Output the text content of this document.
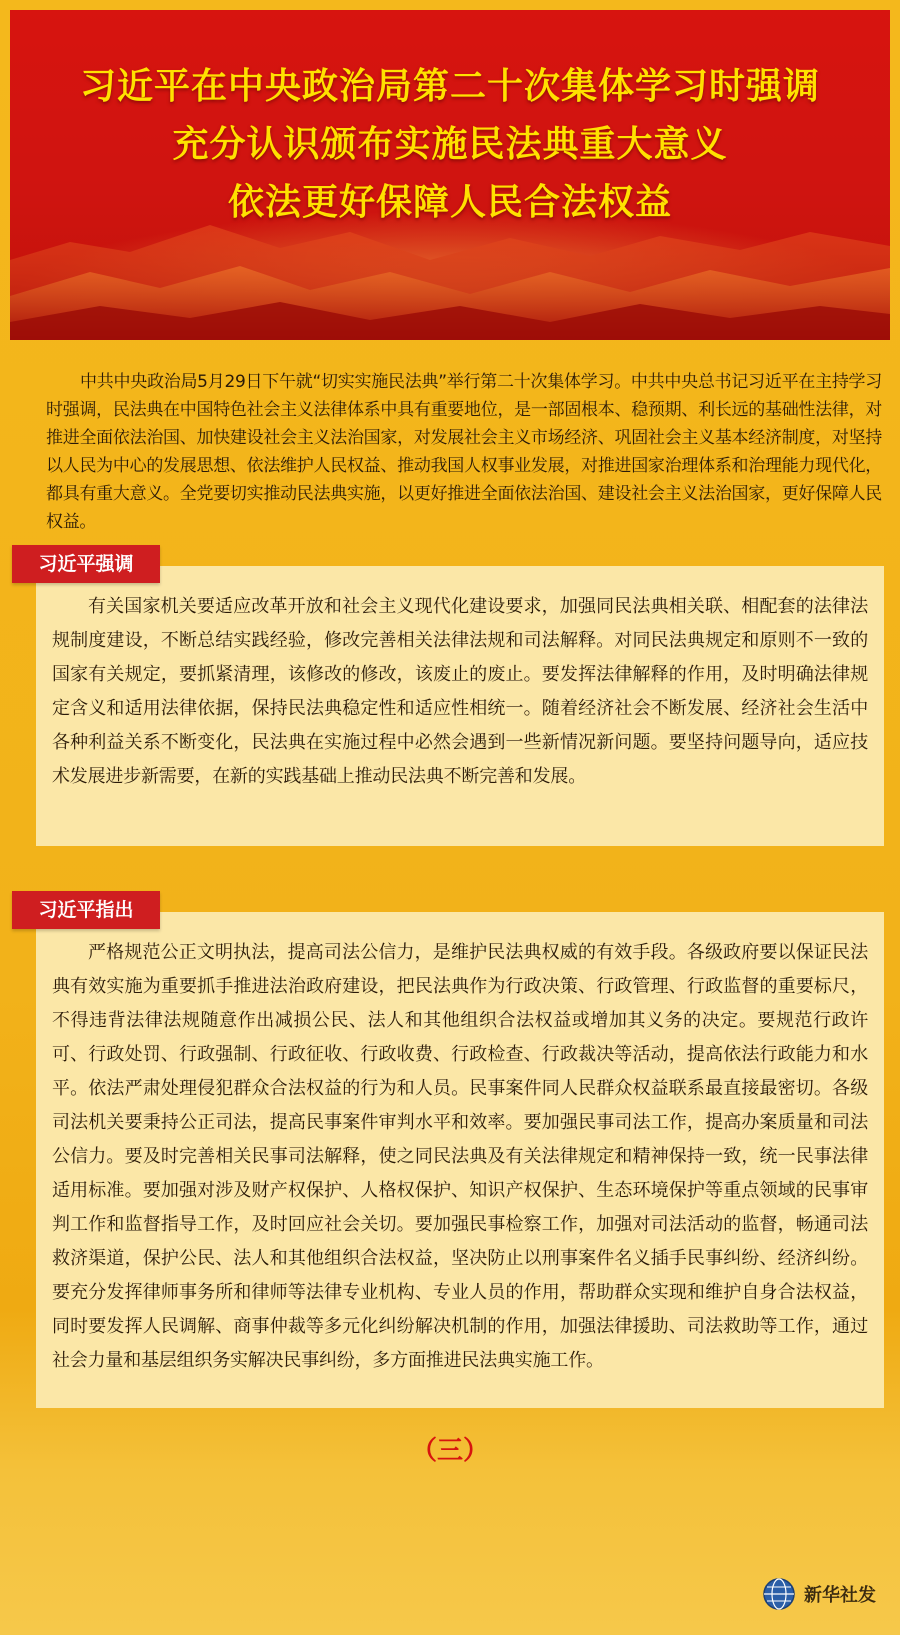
习近平在中央政治局第二十次集体学习时强调
充分认识颁布实施民法典重大意义
依法更好保障人民合法权益
中共中央政治局5月29日下午就“切实实施民法典”举行第二十次集体学习。中共中央总书记习近平在主持学习时强调，民法典在中国特色社会主义法律体系中具有重要地位，是一部固根本、稳预期、利长远的基础性法律，对推进全面依法治国、加快建设社会主义法治国家，对发展社会主义市场经济、巩固社会主义基本经济制度，对坚持以人民为中心的发展思想、依法维护人民权益、推动我国人权事业发展，对推进国家治理体系和治理能力现代化，都具有重大意义。全党要切实推动民法典实施，以更好推进全面依法治国、建设社会主义法治国家，更好保障人民权益。

有关国家机关要适应改革开放和社会主义现代化建设要求，加强同民法典相关联、相配套的法律法规制度建设，不断总结实践经验，修改完善相关法律法规和司法解释。对同民法典规定和原则不一致的国家有关规定，要抓紧清理，该修改的修改，该废止的废止。要发挥法律解释的作用，及时明确法律规定含义和适用法律依据，保持民法典稳定性和适应性相统一。随着经济社会不断发展、经济社会生活中各种利益关系不断变化，民法典在实施过程中必然会遇到一些新情况新问题。要坚持问题导向，适应技术发展进步新需要，在新的实践基础上推动民法典不断完善和发展。

习近平强调

严格规范公正文明执法，提高司法公信力，是维护民法典权威的有效手段。各级政府要以保证民法典有效实施为重要抓手推进法治政府建设，把民法典作为行政决策、行政管理、行政监督的重要标尺，不得违背法律法规随意作出减损公民、法人和其他组织合法权益或增加其义务的决定。要规范行政许可、行政处罚、行政强制、行政征收、行政收费、行政检查、行政裁决等活动，提高依法行政能力和水平。依法严肃处理侵犯群众合法权益的行为和人员。民事案件同人民群众权益联系最直接最密切。各级司法机关要秉持公正司法，提高民事案件审判水平和效率。要加强民事司法工作，提高办案质量和司法公信力。要及时完善相关民事司法解释，使之同民法典及有关法律规定和精神保持一致，统一民事法律适用标准。要加强对涉及财产权保护、人格权保护、知识产权保护、生态环境保护等重点领域的民事审判工作和监督指导工作，及时回应社会关切。要加强民事检察工作，加强对司法活动的监督，畅通司法救济渠道，保护公民、法人和其他组织合法权益，坚决防止以刑事案件名义插手民事纠纷、经济纠纷。要充分发挥律师事务所和律师等法律专业机构、专业人员的作用，帮助群众实现和维护自身合法权益，同时要发挥人民调解、商事仲裁等多元化纠纷解决机制的作用，加强法律援助、司法救助等工作，通过社会力量和基层组织务实解决民事纠纷，多方面推进民法典实施工作。

习近平指出
（三）
新华社发
